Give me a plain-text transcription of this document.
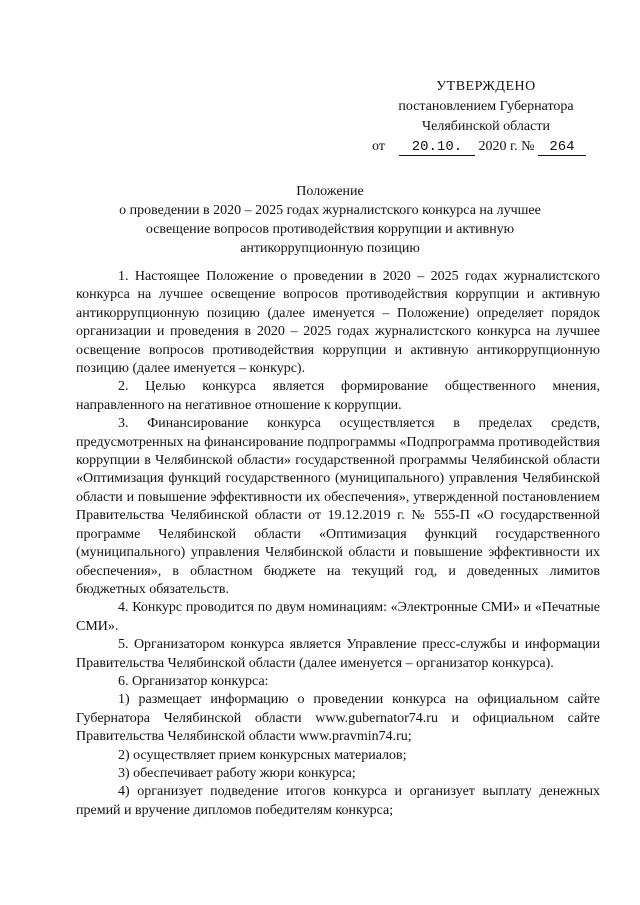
УТВЕРЖДЕНО
постановлением Губернатора
Челябинской области
от 20.10. 2020 г. № 264
Положение
о проведении в 2020 – 2025 годах журналистского конкурса на лучшее
освещение вопросов противодействия коррупции и активную
антикоррупционную позицию

1. Настоящее Положение о проведении в 2020 – 2025 годах журналистского конкурса на лучшее освещение вопросов противодействия коррупции и активную антикоррупционную позицию (далее именуется – Положение) определяет порядок организации и проведения в 2020 – 2025 годах журналистского конкурса на лучшее освещение вопросов противодействия коррупции и активную антикоррупционную позицию (далее именуется – конкурс).

2. Целью конкурса является формирование общественного мнения, направленного на негативное отношение к коррупции.

3. Финансирование конкурса осуществляется в пределах средств, предусмотренных на финансирование подпрограммы «Подпрограмма противодействия коррупции в Челябинской области» государственной программы Челябинской области «Оптимизация функций государственного (муниципального) управления Челябинской области и повышение эффективности их обеспечения», утвержденной постановлением Правительства Челябинской области от 19.12.2019 г. № 555-П «О государственной программе Челябинской области «Оптимизация функций государственного (муниципального) управления Челябинской области и повышение эффективности их обеспечения», в областном бюджете на текущий год, и доведенных лимитов бюджетных обязательств.

4. Конкурс проводится по двум номинациям: «Электронные СМИ» и «Печатные СМИ».

5. Организатором конкурса является Управление пресс-службы и информации Правительства Челябинской области (далее именуется – организатор конкурса).

6. Организатор конкурса:

1) размещает информацию о проведении конкурса на официальном сайте Губернатора Челябинской области www.gubernator74.ru и официальном сайте Правительства Челябинской области www.pravmin74.ru;

2) осуществляет прием конкурсных материалов;

3) обеспечивает работу жюри конкурса;

4) организует подведение итогов конкурса и организует выплату денежных премий и вручение дипломов победителям конкурса;
